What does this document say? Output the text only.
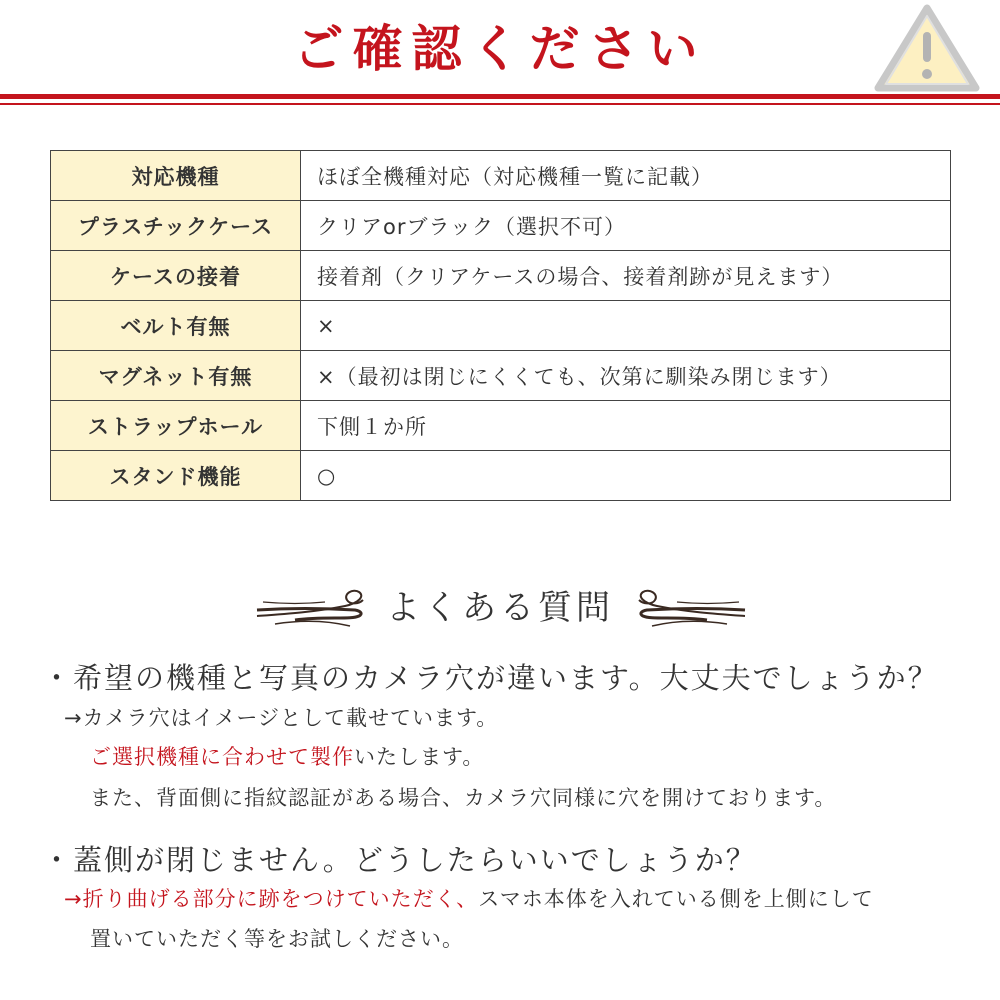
ご確認ください
対応機種	ほぼ全機種対応（対応機種一覧に記載）
プラスチックケース	クリアorブラック（選択不可）
ケースの接着	接着剤（クリアケースの場合、接着剤跡が見えます）
ベルト有無	×
マグネット有無	×（最初は閉じにくくても、次第に馴染み閉じます）
ストラップホール	下側１か所
スタンド機能	○
よくある質問
・希望の機種と写真のカメラ穴が違います。大丈夫でしょうか？
→カメラ穴はイメージとして載せています。
ご選択機種に合わせて製作いたします。
また、背面側に指紋認証がある場合、カメラ穴同様に穴を開けております。
・蓋側が閉じません。どうしたらいいでしょうか？
→折り曲げる部分に跡をつけていただく、スマホ本体を入れている側を上側にして
置いていただく等をお試しください。
